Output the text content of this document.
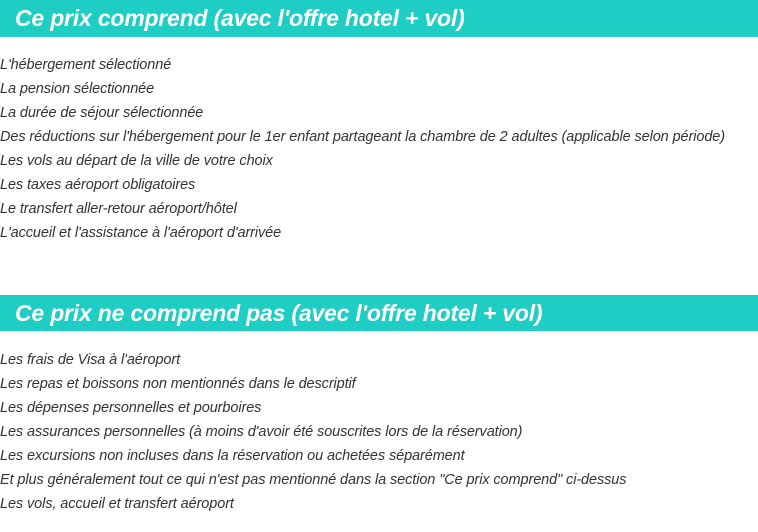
Ce prix comprend (avec l'offre hotel + vol)
L'hébergement sélectionné
La pension sélectionnée
La durée de séjour sélectionnée
Des réductions sur l'hébergement pour le 1er enfant partageant la chambre de 2 adultes (applicable selon période)
Les vols au départ de la ville de votre choix
Les taxes aéroport obligatoires
Le transfert aller-retour aéroport/hôtel
L'accueil et l'assistance à l'aéroport d'arrivée
Ce prix ne comprend pas (avec l'offre hotel + vol)
Les frais de Visa à l'aéroport
Les repas et boissons non mentionnés dans le descriptif
Les dépenses personnelles et pourboires
Les assurances personnelles (à moins d'avoir été souscrites lors de la réservation)
Les excursions non incluses dans la réservation ou achetées séparément
Et plus généralement tout ce qui n'est pas mentionné dans la section "Ce prix comprend" ci-dessus
Les vols, accueil et transfert aéroport
